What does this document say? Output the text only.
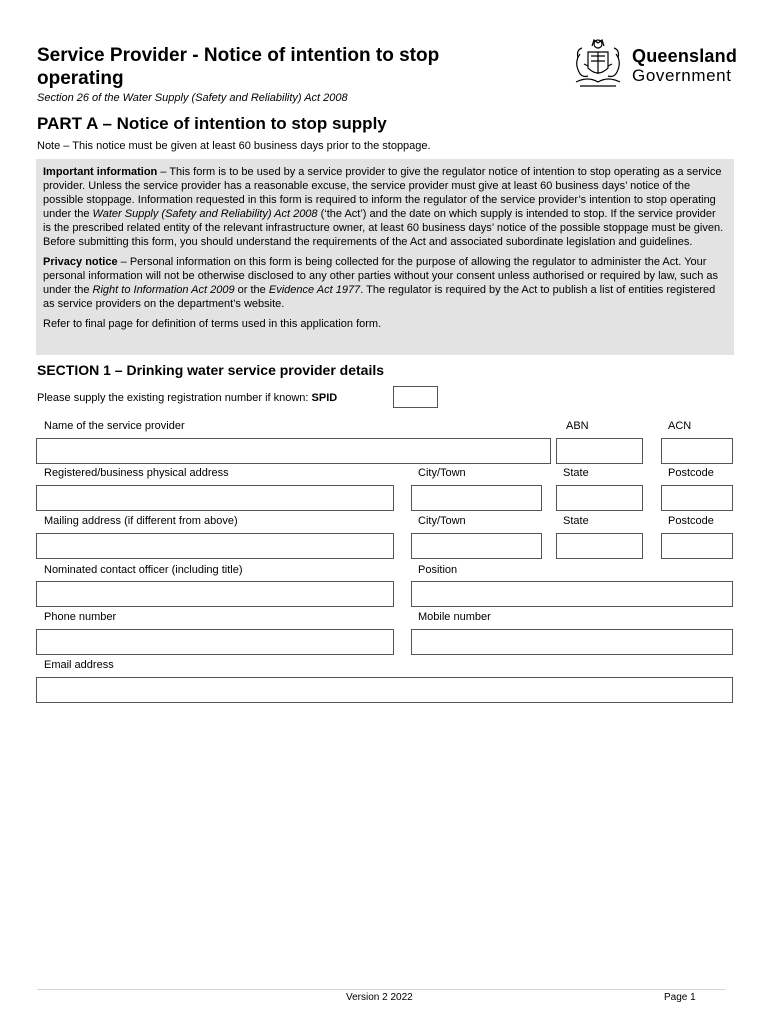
Service Provider - Notice of intention to stop operating
Section 26 of the Water Supply (Safety and Reliability) Act 2008
Queensland
Government
PART A – Notice of intention to stop supply
Note – This notice must be given at least 60 business days prior to the stoppage.

Important information – This form is to be used by a service provider to give the regulator notice of intention to stop operating as a service provider. Unless the service provider has a reasonable excuse, the service provider must give at least 60 business days’ notice of the possible stoppage. Information requested in this form is required to inform the regulator of the service provider’s intention to stop operating under the Water Supply (Safety and Reliability) Act 2008 (‘the Act’) and the date on which supply is intended to stop. If the service provider is the prescribed related entity of the relevant infrastructure owner, at least 60 business days’ notice of the possible stoppage must be given. Before submitting this form, you should understand the requirements of the Act and associated subordinate legislation and guidelines.

Privacy notice – Personal information on this form is being collected for the purpose of allowing the regulator to administer the Act. Your personal information will not be otherwise disclosed to any other parties without your consent unless authorised or required by law, such as under the Right to Information Act 2009 or the Evidence Act 1977. The regulator is required by the Act to publish a list of entities registered as service providers on the department’s website.

Refer to final page for definition of terms used in this application form.

SECTION 1 – Drinking water service provider details
Please supply the existing registration number if known: SPID
Name of the service provider	ABN	ACN
Registered/business physical address	City/Town	State	Postcode
Mailing address (if different from above)	City/Town	State	Postcode
Nominated contact officer (including title)	Position
Phone number	Mobile number
Email address
Version 2 2022	Page 1
